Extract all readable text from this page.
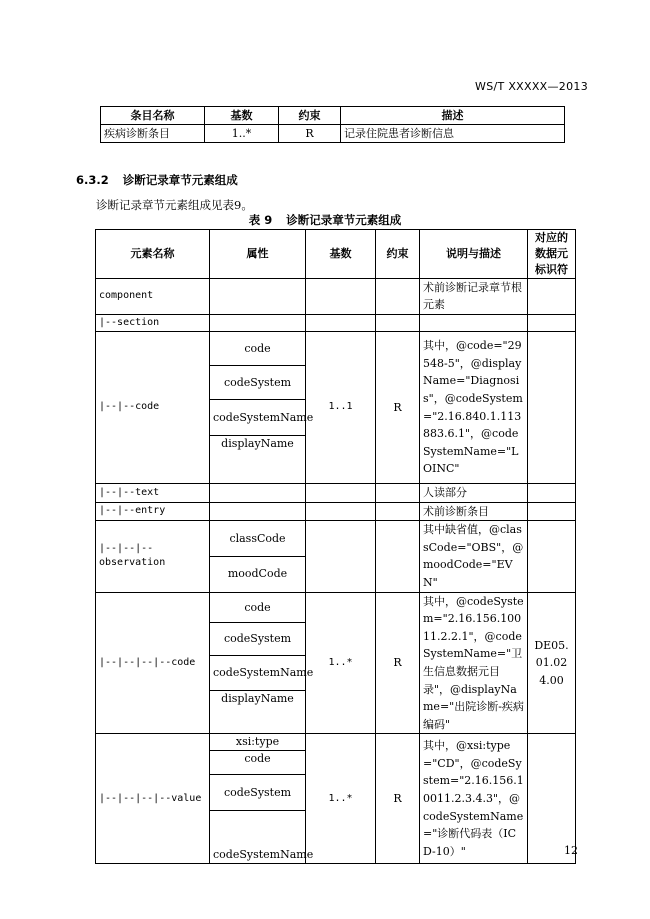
WS/T XXXXX—2013
条目名称	基数	约束	描述
疾病诊断条目	1..*	R	记录住院患者诊断信息
6.3.2 诊断记录章节元素组成
诊断记录章节元素组成见表9。
表 9 诊断记录章节元素组成
元素名称	属性	基数	约束	说明与描述	对应的数据元标识符
component				术前诊断记录章节根元素	
|--section					
|--|--code	code	1..1	R	其中，@code="29548-5"，@displayName="Diagnosis"，@codeSystem="2.16.840.1.113883.6.1"，@codeSystemName="LOINC"	
	codeSystem				
	codeSystemName				
	displayName				
|--|--text				人读部分	
|--|--entry				术前诊断条目	
|--|--|--observation	classCode			其中缺省值，@classCode="OBS"，@moodCode="EVN"	
	moodCode				
|--|--|--|--code	code	1..*	R	其中，@codeSystem="2.16.156.10011.2.2.1"，@codeSystemName="卫生信息数据元目录"，@displayName="出院诊断-疾病编码"	DE05.01.024.00
	codeSystem				
	codeSystemName				
	displayName				
|--|--|--|--value	xsi:type	1..*	R	其中，@xsi:type="CD"，@codeSystem="2.16.156.10011.2.3.4.3"，@codeSystemName="诊断代码表（ICD-10）"	
	code				
	codeSystem				
	codeSystemName					12
